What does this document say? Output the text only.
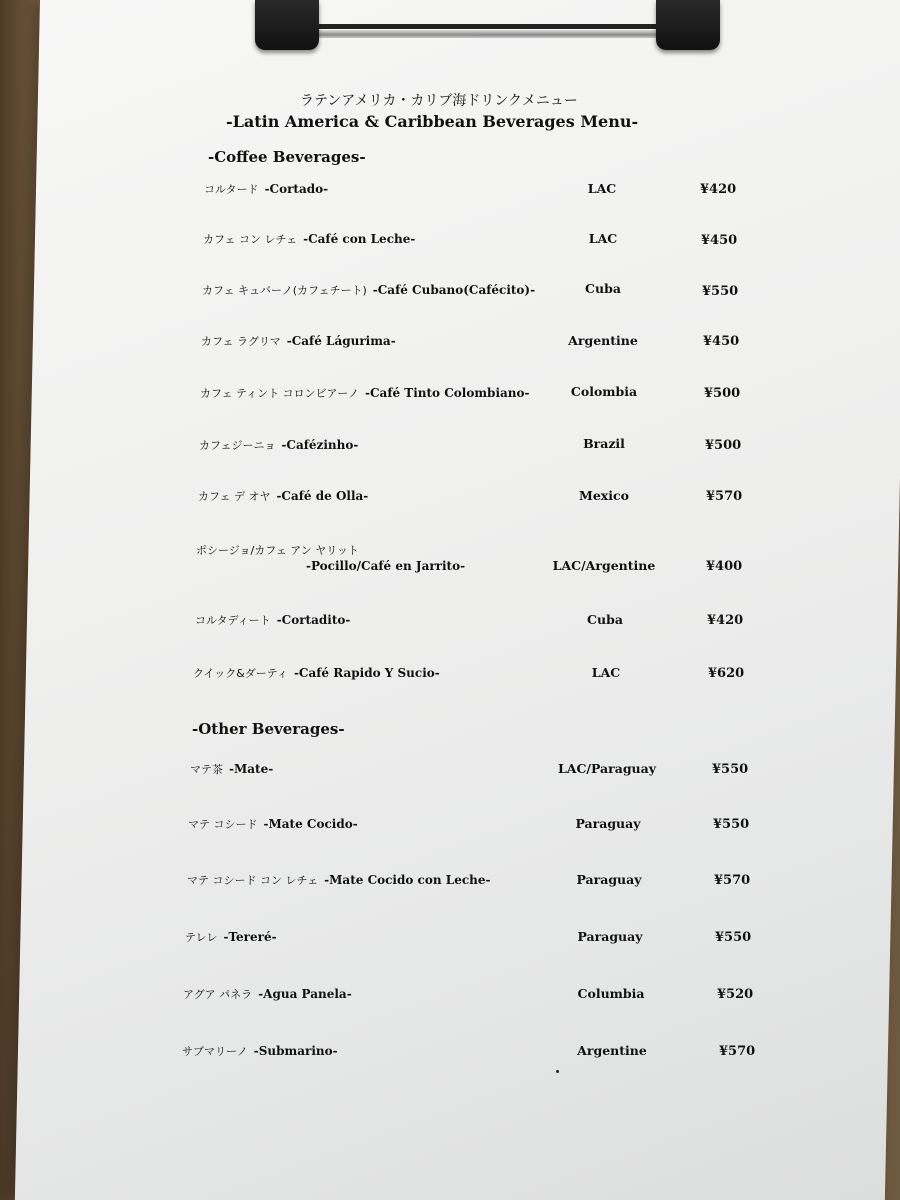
ラテンアメリカ・カリブ海ドリンクメニュー
-Latin America & Caribbean Beverages Menu-
-Coffee Beverages-
コルタード -Cortado-	LAC	¥420
カフェ コン レチェ -Café con Leche-	LAC	¥450
カフェ キュバーノ(カフェチート) -Café Cubano(Cafécito)-	Cuba	¥550
カフェ ラグリマ -Café Lágurima-	Argentine	¥450
カフェ ティント コロンビアーノ -Café Tinto Colombiano-	Colombia	¥500
カフェジーニョ -Cafézinho-	Brazil	¥500
カフェ デ オヤ -Café de Olla-	Mexico	¥570
ポシージョ/カフェ アン ヤリット
-Pocillo/Café en Jarrito-	LAC/Argentine	¥400
コルタディート -Cortadito-	Cuba	¥420
クイック&ダーティ -Café Rapido Y Sucio-	LAC	¥620
-Other Beverages-
マテ茶 -Mate-	LAC/Paraguay	¥550
マテ コシード -Mate Cocido-	Paraguay	¥550
マテ コシード コン レチェ -Mate Cocido con Leche-	Paraguay	¥570
テレレ -Tereré-	Paraguay	¥550
アグア パネラ -Agua Panela-	Columbia	¥520
サブマリーノ -Submarino-	Argentine	¥570
